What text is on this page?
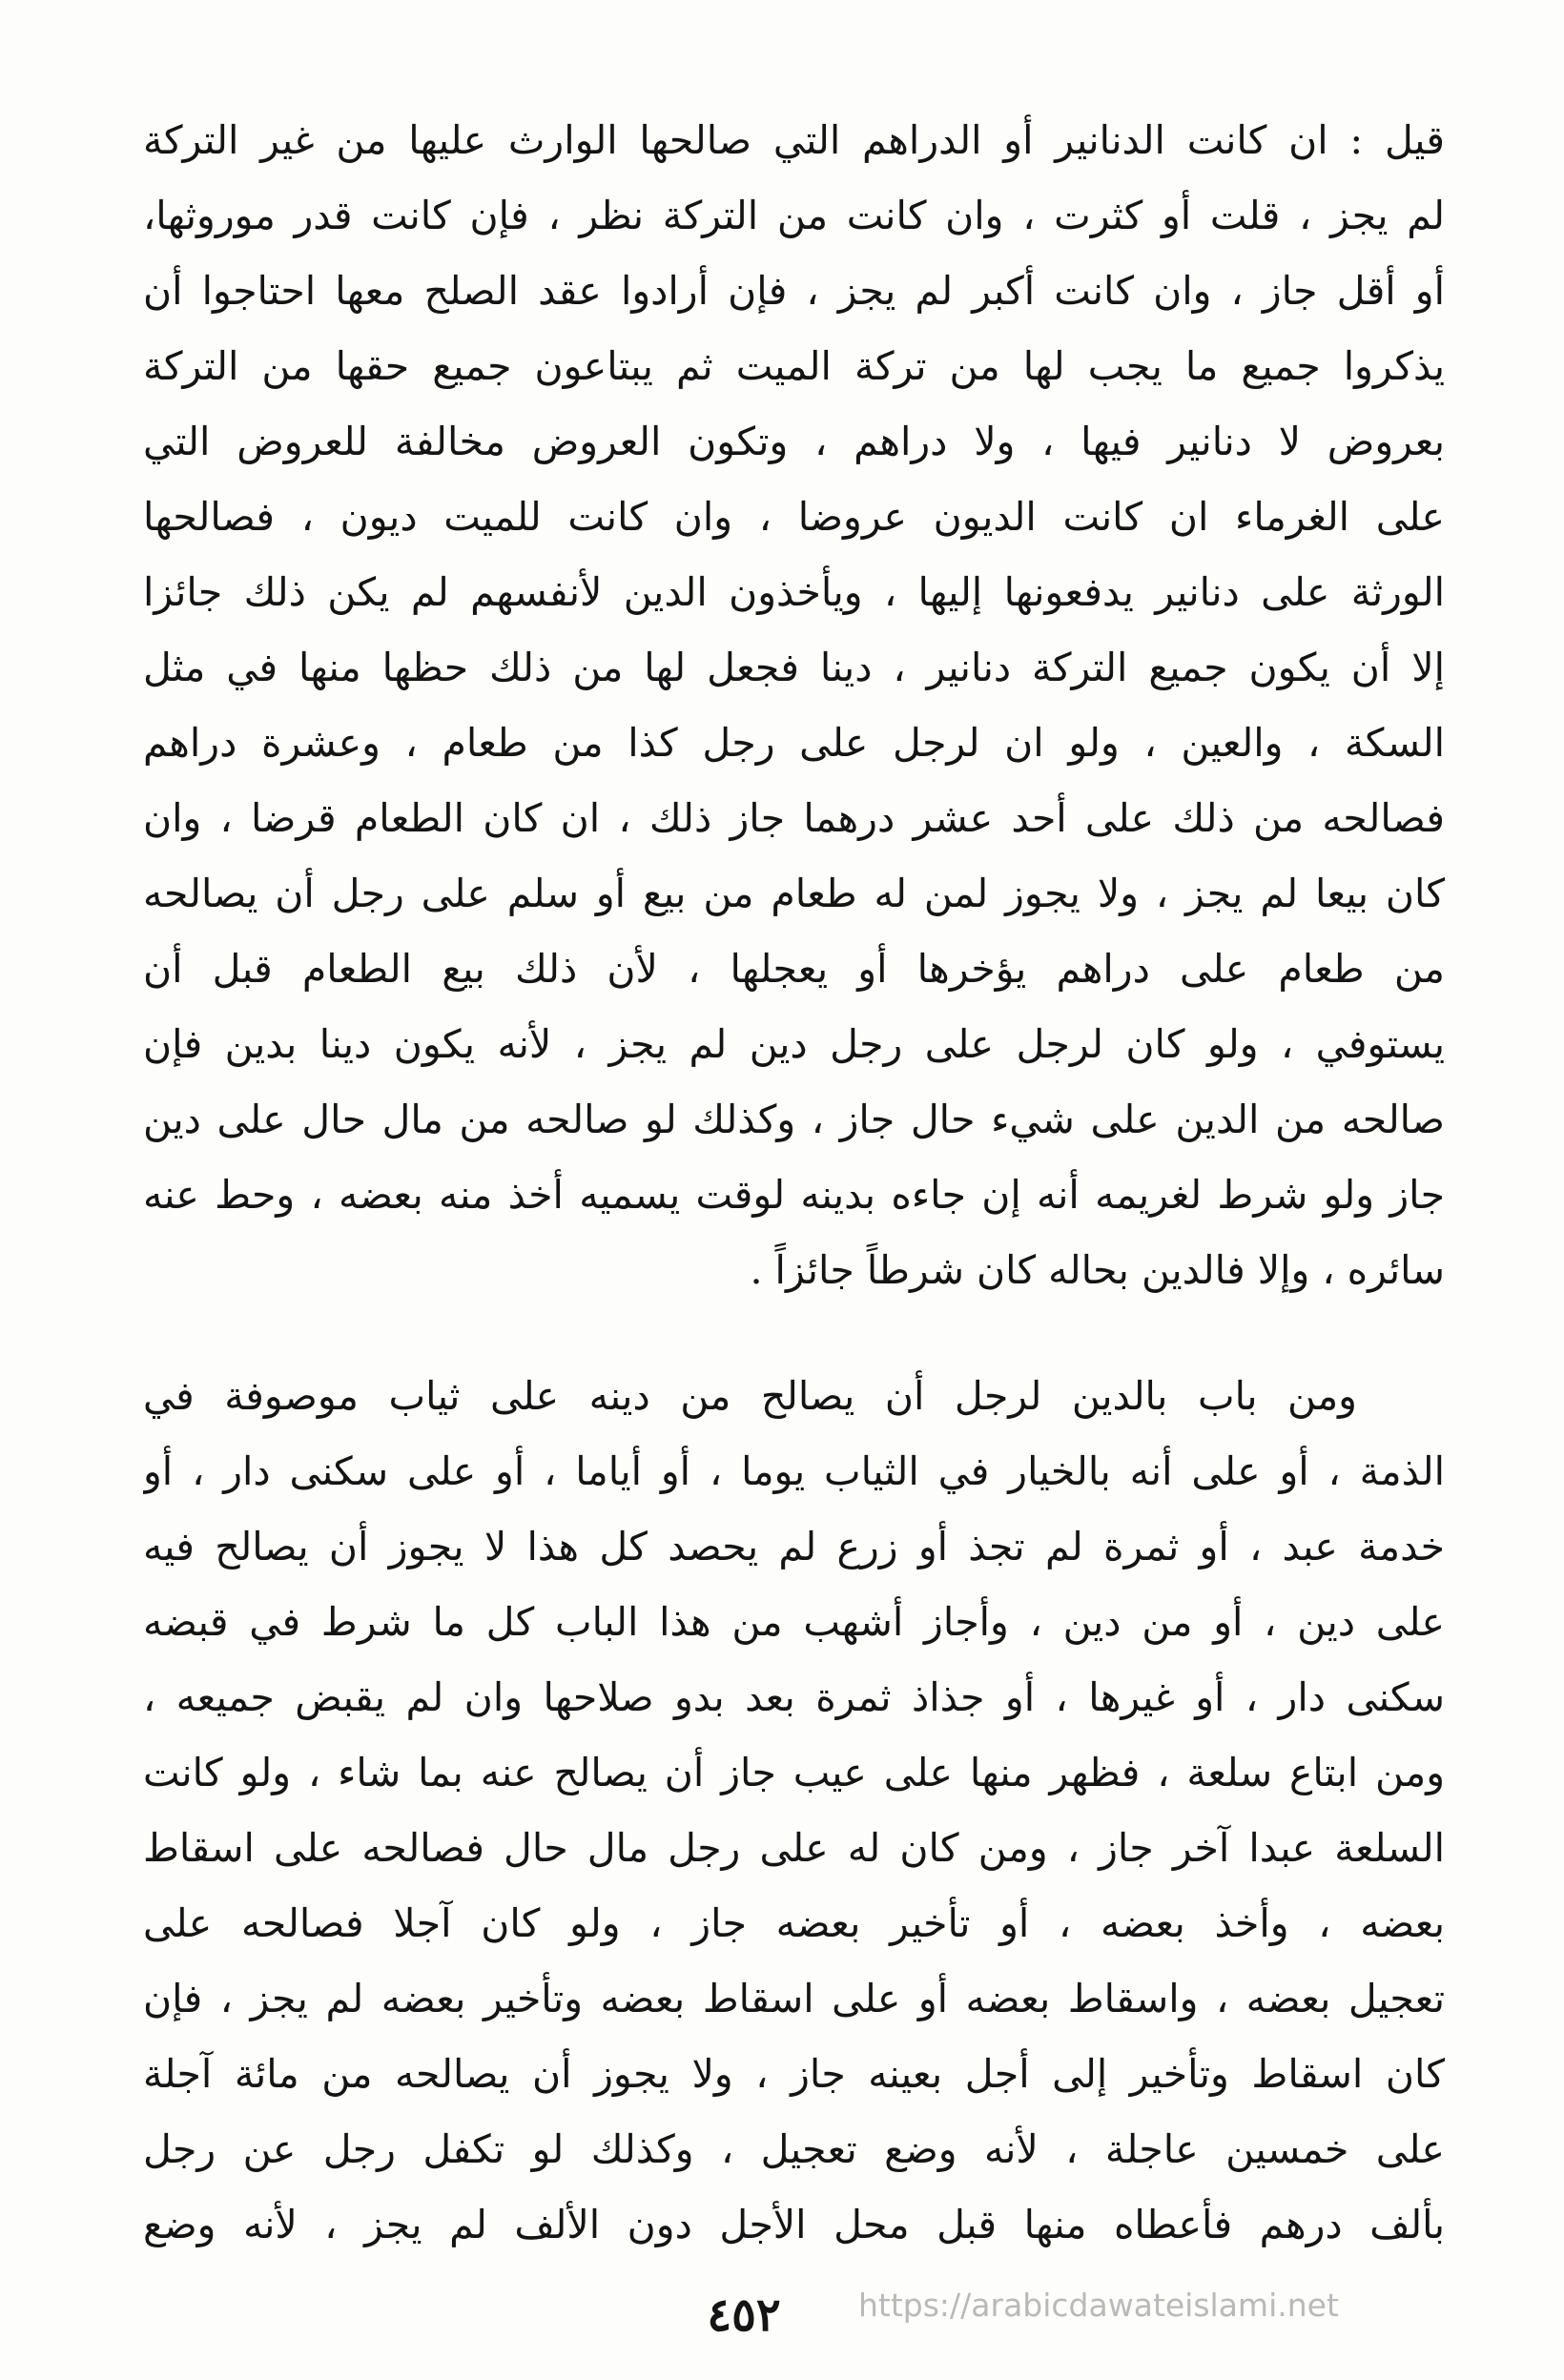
قيل : ان كانت الدنانير أو الدراهم التي صالحها الوارث عليها من غير التركة
لم يجز ، قلت أو كثرت ، وان كانت من التركة نظر ، فإن كانت قدر موروثها،
أو أقل جاز ، وان كانت أكبر لم يجز ، فإن أرادوا عقد الصلح معها احتاجوا أن
يذكروا جميع ما يجب لها من تركة الميت ثم يبتاعون جميع حقها من التركة
بعروض لا دنانير فيها ، ولا دراهم ، وتكون العروض مخالفة للعروض التي
على الغرماء ان كانت الديون عروضا ، وان كانت للميت ديون ، فصالحها
الورثة على دنانير يدفعونها إليها ، ويأخذون الدين لأنفسهم لم يكن ذلك جائزا
إلا أن يكون جميع التركة دنانير ، دينا فجعل لها من ذلك حظها منها في مثل
السكة ، والعين ، ولو ان لرجل على رجل كذا من طعام ، وعشرة دراهم
فصالحه من ذلك على أحد عشر درهما جاز ذلك ، ان كان الطعام قرضا ، وان
كان بيعا لم يجز ، ولا يجوز لمن له طعام من بيع أو سلم على رجل أن يصالحه
من طعام على دراهم يؤخرها أو يعجلها ، لأن ذلك بيع الطعام قبل أن
يستوفي ، ولو كان لرجل على رجل دين لم يجز ، لأنه يكون دينا بدين فإن
صالحه من الدين على شيء حال جاز ، وكذلك لو صالحه من مال حال على دين
جاز ولو شرط لغريمه أنه إن جاءه بدينه لوقت يسميه أخذ منه بعضه ، وحط عنه
سائره ، وإلا فالدين بحاله كان شرطاً جائزاً .
ومن باب بالدين لرجل أن يصالح من دينه على ثياب موصوفة في
الذمة ، أو على أنه بالخيار في الثياب يوما ، أو أياما ، أو على سكنى دار ، أو
خدمة عبد ، أو ثمرة لم تجذ أو زرع لم يحصد كل هذا لا يجوز أن يصالح فيه
على دين ، أو من دين ، وأجاز أشهب من هذا الباب كل ما شرط في قبضه
سكنى دار ، أو غيرها ، أو جذاذ ثمرة بعد بدو صلاحها وان لم يقبض جميعه ،
ومن ابتاع سلعة ، فظهر منها على عيب جاز أن يصالح عنه بما شاء ، ولو كانت
السلعة عبدا آخر جاز ، ومن كان له على رجل مال حال فصالحه على اسقاط
بعضه ، وأخذ بعضه ، أو تأخير بعضه جاز ، ولو كان آجلا فصالحه على
تعجيل بعضه ، واسقاط بعضه أو على اسقاط بعضه وتأخير بعضه لم يجز ، فإن
كان اسقاط وتأخير إلى أجل بعينه جاز ، ولا يجوز أن يصالحه من مائة آجلة
على خمسين عاجلة ، لأنه وضع تعجيل ، وكذلك لو تكفل رجل عن رجل
بألف درهم فأعطاه منها قبل محل الأجل دون الألف لم يجز ، لأنه وضع
٤٥٢	https://arabicdawateislami.net
